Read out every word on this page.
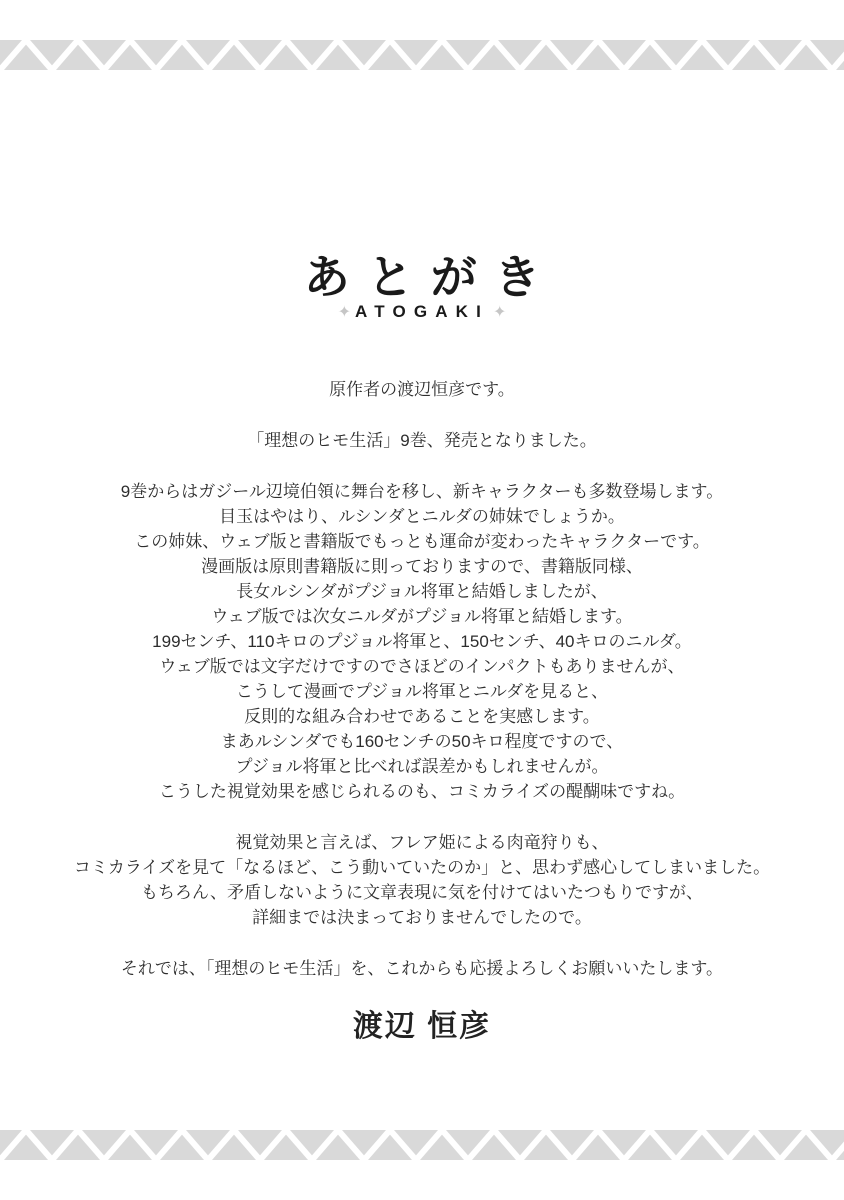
あとがき
✦ ATOGAKI ✦

原作者の渡辺恒彦です。

「理想のヒモ生活」9巻、発売となりました。

9巻からはガジール辺境伯領に舞台を移し、新キャラクターも多数登場します。
目玉はやはり、ルシンダとニルダの姉妹でしょうか。
この姉妹、ウェブ版と書籍版でもっとも運命が変わったキャラクターです。
漫画版は原則書籍版に則っておりますので、書籍版同様、
長女ルシンダがプジョル将軍と結婚しましたが、
ウェブ版では次女ニルダがプジョル将軍と結婚します。
199センチ、110キロのプジョル将軍と、150センチ、40キロのニルダ。
ウェブ版では文字だけですのでさほどのインパクトもありませんが、
こうして漫画でプジョル将軍とニルダを見ると、
反則的な組み合わせであることを実感します。
まあルシンダでも160センチの50キロ程度ですので、
プジョル将軍と比べれば誤差かもしれませんが。
こうした視覚効果を感じられるのも、コミカライズの醍醐味ですね。

視覚効果と言えば、フレア姫による肉竜狩りも、
コミカライズを見て「なるほど、こう動いていたのか」と、思わず感心してしまいました。
もちろん、矛盾しないように文章表現に気を付けてはいたつもりですが、
詳細までは決まっておりませんでしたので。

それでは、「理想のヒモ生活」を、これからも応援よろしくお願いいたします。

渡辺 恒彦
